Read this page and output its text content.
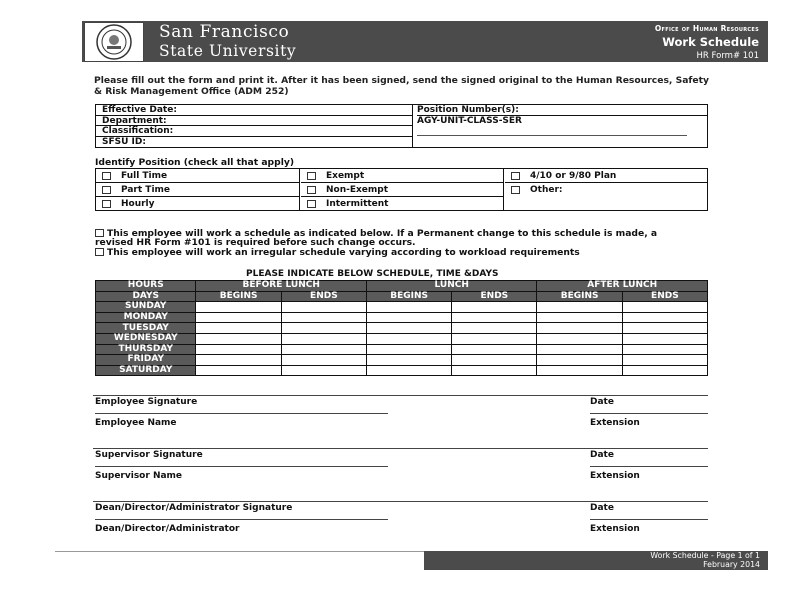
San Francisco
State University
Office of Human Resources
Work Schedule
HR Form# 101
Please fill out the form and print it. After it has been signed, send the signed original to the Human Resources, Safety & Risk Management Office (ADM 252)
Effective Date:
Department:
Classification:
SFSU ID:
Position Number(s):
AGY-UNIT-CLASS-SER
Identify Position (check all that apply)
Full Time
Part Time
Hourly
Exempt
Non-Exempt
Intermittent
4/10 or 9/80 Plan
Other:
This employee will work a schedule as indicated below. If a Permanent change to this schedule is made, a revised HR Form #101 is required before such change occurs.
This employee will work an irregular schedule varying according to workload requirements
PLEASE INDICATE BELOW SCHEDULE, TIME &DAYS
HOURS	BEFORE LUNCH		LUNCH		AFTER LUNCH	
DAYS	BEGINS	ENDS	BEGINS	ENDS	BEGINS	ENDS
SUNDAY						
MONDAY						
TUESDAY						
WEDNESDAY						
THURSDAY						
FRIDAY						
SATURDAY						
Employee Signature	Date
Employee Name	Extension
Supervisor Signature	Date
Supervisor Name	Extension
Dean/Director/Administrator Signature	Date
Dean/Director/Administrator	Extension
Work Schedule - Page 1 of 1
February 2014
